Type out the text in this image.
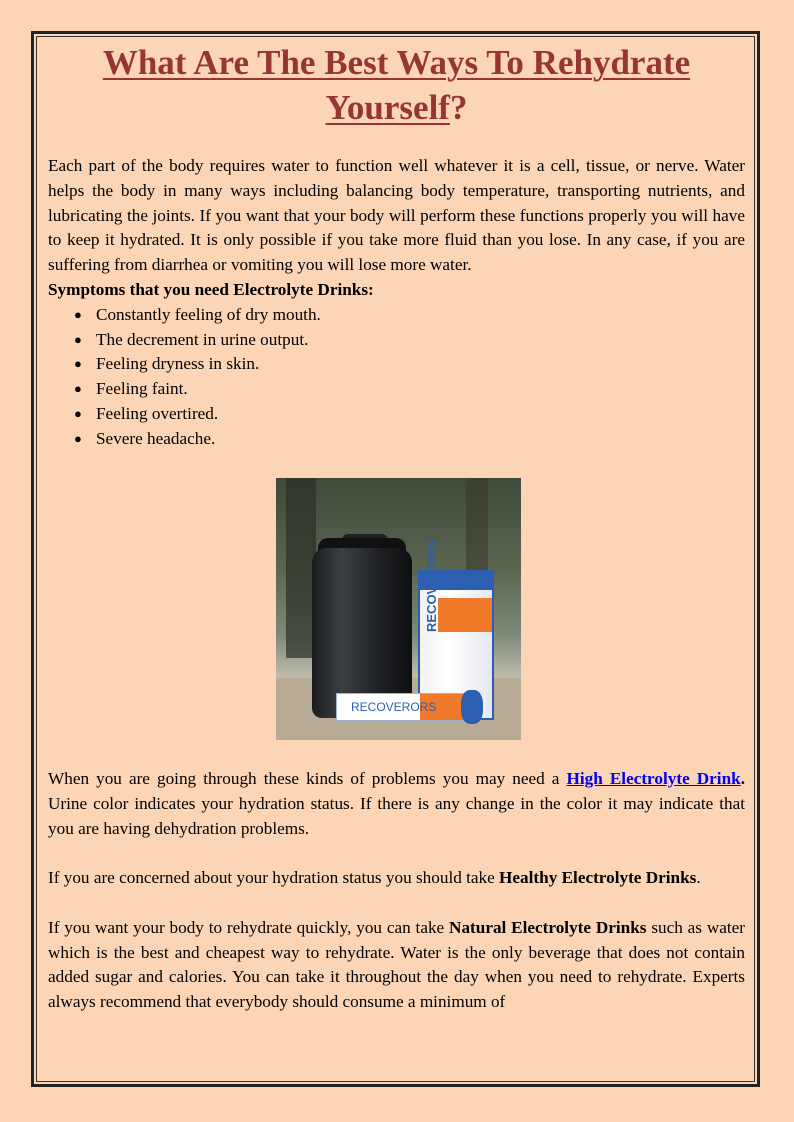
What Are The Best Ways To Rehydrate
Yourself?

Each part of the body requires water to function well whatever it is a cell, tissue, or nerve. Water helps the body in many ways including balancing body temperature, transporting nutrients, and lubricating the joints. If you want that your body will perform these functions properly you will have to keep it hydrated. It is only possible if you take more fluid than you lose. In any case, if you are suffering from diarrhea or vomiting you will lose more water.

Symptoms that you need Electrolyte Drinks:

● Constantly feeling of dry mouth.
● The decrement in urine output.
● Feeling dryness in skin.
● Feeling faint.
● Feeling overtired.
● Severe headache.
RECOVERORS
RECOVERORS

When you are going through these kinds of problems you may need a High Electrolyte Drink. Urine color indicates your hydration status. If there is any change in the color it may indicate that you are having dehydration problems.

If you are concerned about your hydration status you should take Healthy Electrolyte Drinks.

If you want your body to rehydrate quickly, you can take Natural Electrolyte Drinks such as water which is the best and cheapest way to rehydrate. Water is the only beverage that does not contain added sugar and calories. You can take it throughout the day when you need to rehydrate. Experts always recommend that everybody should consume a minimum of
